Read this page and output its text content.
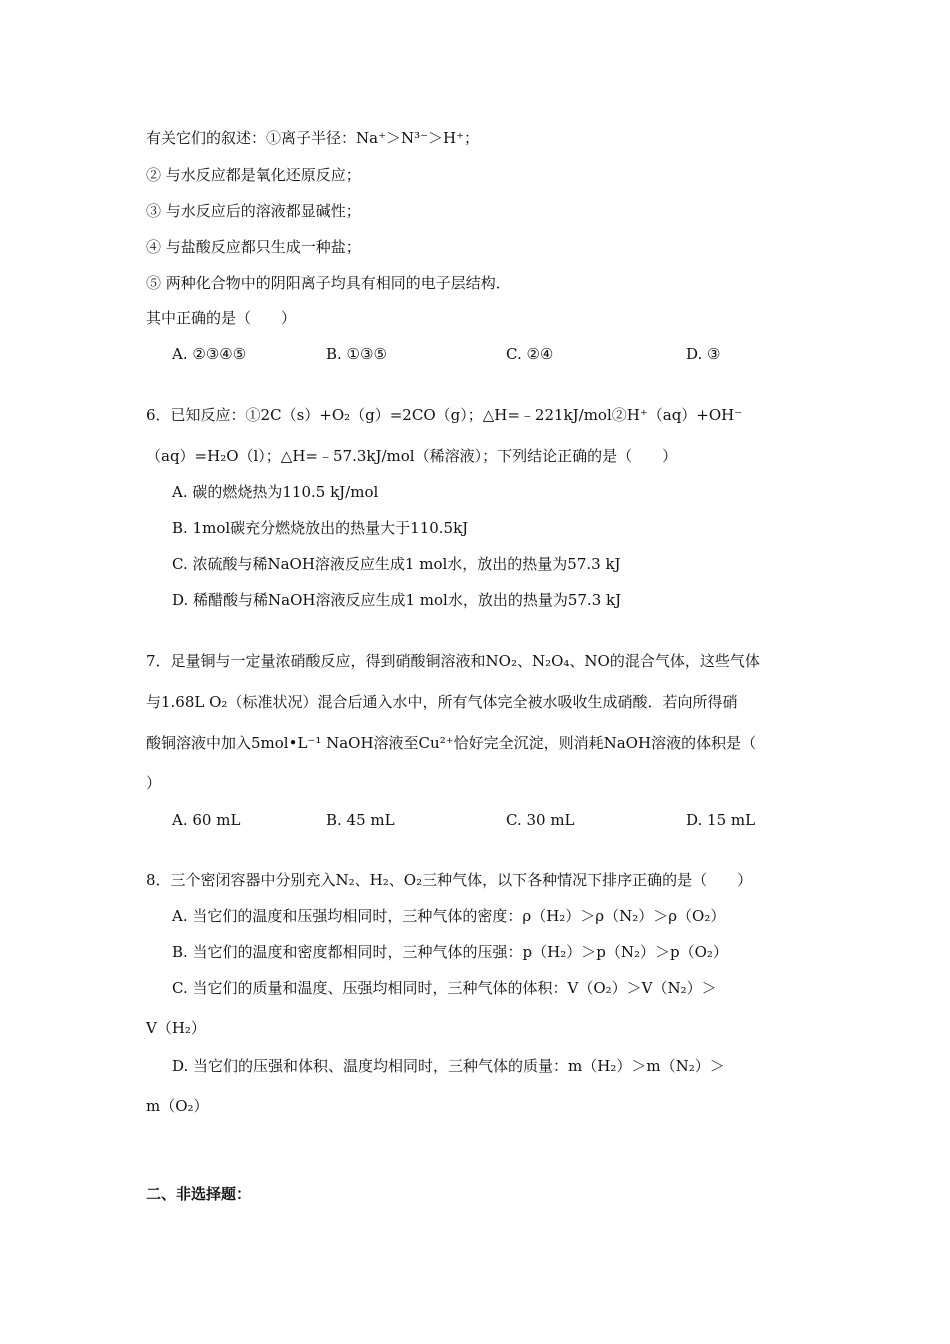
有关它们的叙述：①离子半径：Na⁺＞N³⁻＞H⁺；
② 与水反应都是氧化还原反应；
③ 与水反应后的溶液都显碱性；
④ 与盐酸反应都只生成一种盐；
⑤ 两种化合物中的阴阳离子均具有相同的电子层结构．
其中正确的是（　　）
A. ②③④⑤	B. ①③⑤	C. ②④	D. ③
6．已知反应：①2C（s）+O₂（g）=2CO（g）；△H=﹣221kJ/mol②H⁺（aq）+OH⁻
（aq）=H₂O（l）；△H=﹣57.3kJ/mol（稀溶液）；下列结论正确的是（　　）
A. 碳的燃烧热为110.5 kJ/mol
B. 1mol碳充分燃烧放出的热量大于110.5kJ
C. 浓硫酸与稀NaOH溶液反应生成1 mol水，放出的热量为57.3 kJ
D. 稀醋酸与稀NaOH溶液反应生成1 mol水，放出的热量为57.3 kJ
7．足量铜与一定量浓硝酸反应，得到硝酸铜溶液和NO₂、N₂O₄、NO的混合气体，这些气体
与1.68L O₂（标准状况）混合后通入水中，所有气体完全被水吸收生成硝酸．若向所得硝
酸铜溶液中加入5mol•L⁻¹ NaOH溶液至Cu²⁺恰好完全沉淀，则消耗NaOH溶液的体积是（
）
A. 60 mL	B. 45 mL	C. 30 mL	D. 15 mL
8．三个密闭容器中分别充入N₂、H₂、O₂三种气体，以下各种情况下排序正确的是（　　）
A. 当它们的温度和压强均相同时，三种气体的密度：ρ（H₂）＞ρ（N₂）＞ρ（O₂）
B. 当它们的温度和密度都相同时，三种气体的压强：p（H₂）＞p（N₂）＞p（O₂）
C. 当它们的质量和温度、压强均相同时，三种气体的体积：V（O₂）＞V（N₂）＞
V（H₂）
D. 当它们的压强和体积、温度均相同时，三种气体的质量：m（H₂）＞m（N₂）＞
m（O₂）
二、非选择题：
